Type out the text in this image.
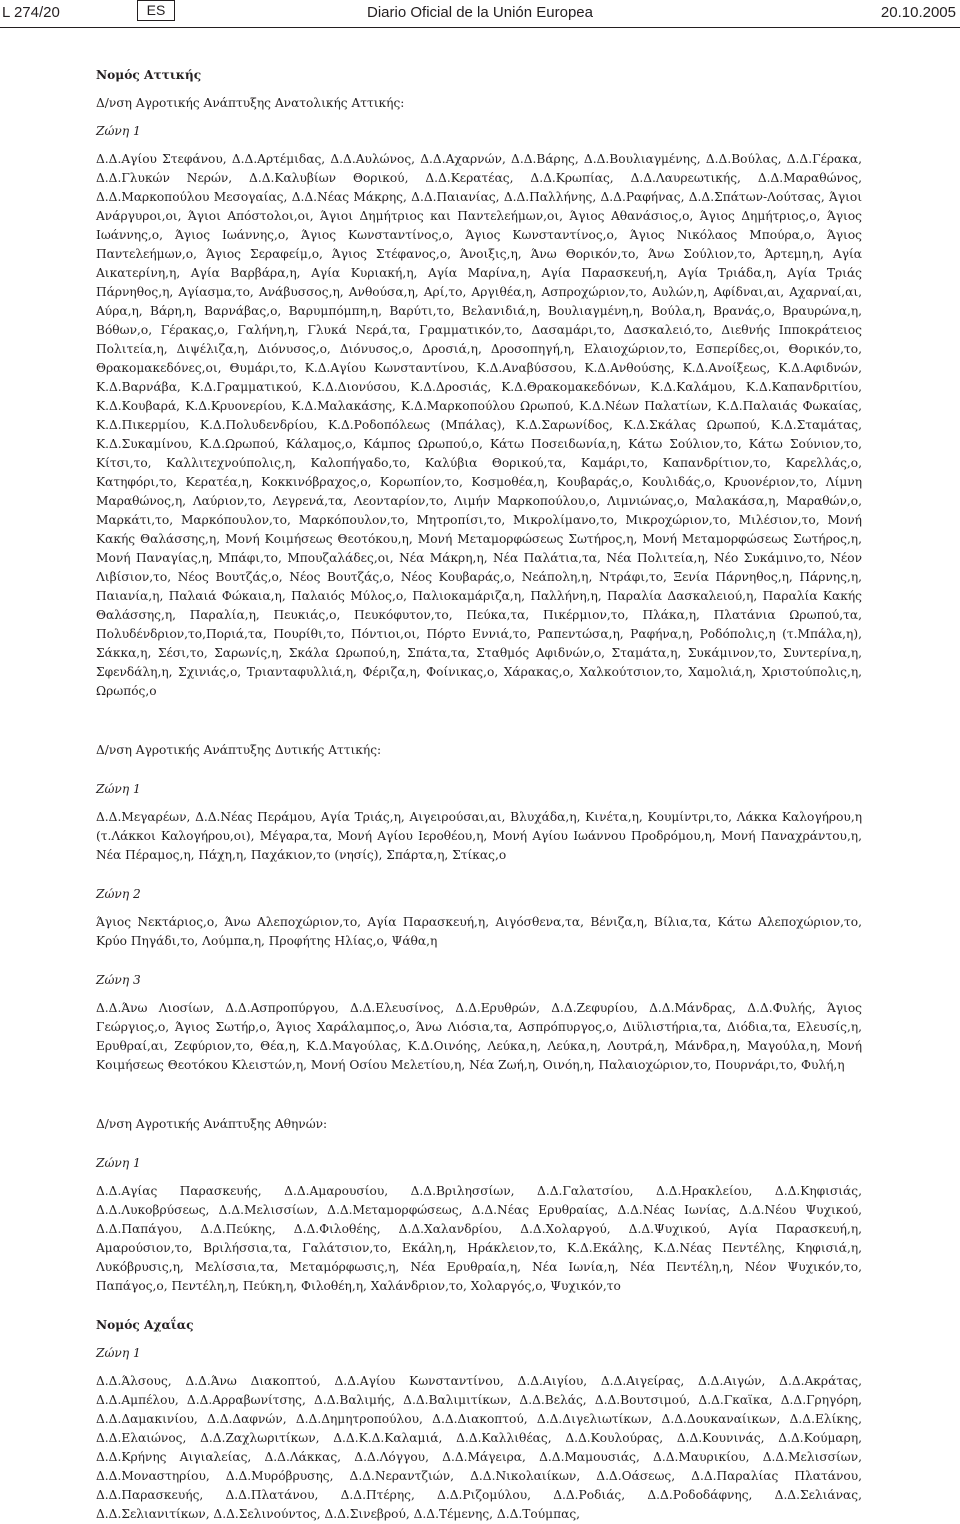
L 274/20	ES	Diario Oficial de la Unión Europea	20.10.2005

Νομός Αττικής

Δ/νση Αγροτικής Ανάπτυξης Ανατολικής Αττικής:

Ζώνη 1

Δ.Δ.Αγίου Στεφάνου, Δ.Δ.Αρτέμιδας, Δ.Δ.Αυλώνος, Δ.Δ.Αχαρνών, Δ.Δ.Βάρης, Δ.Δ.Βουλιαγμένης, Δ.Δ.Βούλας, Δ.Δ.Γέρακα, Δ.Δ.Γλυκών Νερών, Δ.Δ.Καλυβίων Θορικού, Δ.Δ.Κερατέας, Δ.Δ.Κρωπίας, Δ.Δ.Λαυρεωτικής, Δ.Δ.Μαραθώνος, Δ.Δ.Μαρκοπούλου Μεσογαίας, Δ.Δ.Νέας Μάκρης, Δ.Δ.Παιανίας, Δ.Δ.Παλλήνης, Δ.Δ.Ραφήνας, Δ.Δ.Σπάτων-Λούτσας, Άγιοι Ανάργυροι,οι, Άγιοι Απόστολοι,οι, Άγιοι Δημήτριος και Παντελεήμων,οι, Άγιος Αθανάσιος,ο, Άγιος Δημήτριος,ο, Άγιος Ιωάννης,ο, Άγιος Ιωάννης,ο, Άγιος Κωνσταντίνος,ο, Άγιος Κωνσταντίνος,ο, Άγιος Νικόλαος Μπούρα,ο, Άγιος Παντελεήμων,ο, Άγιος Σεραφείμ,ο, Άγιος Στέφανος,ο, Άνοιξις,η, Άνω Θορικόν,το, Άνω Σούλιον,το, Άρτεμη,η, Αγία Αικατερίνη,η, Αγία Βαρβάρα,η, Αγία Κυριακή,η, Αγία Μαρίνα,η, Αγία Παρασκευή,η, Αγία Τριάδα,η, Αγία Τριάς Πάρνηθος,η, Αγίασμα,το, Ανάβυσσος,η, Ανθούσα,η, Αρί,το, Αργιθέα,η, Ασπροχώριον,το, Αυλών,η, Αφίδναι,αι, Αχαρναί,αι, Αύρα,η, Βάρη,η, Βαρνάβας,ο, Βαρυμπόμπη,η, Βαρύτι,το, Βελανιδιά,η, Βουλιαγμένη,η, Βούλα,η, Βρανάς,ο, Βραυρώνα,η, Βόθων,ο, Γέρακας,ο, Γαλήνη,η, Γλυκά Νερά,τα, Γραμματικόν,το, Δασαμάρι,το, Δασκαλειό,το, Διεθνής Ιπποκράτειος Πολιτεία,η, Διψέλιζα,η, Διόνυσος,ο, Διόνυσος,ο, Δροσιά,η, Δροσοπηγή,η, Ελαιοχώριον,το, Εσπερίδες,οι, Θορικόν,το, Θρακομακεδόνες,οι, Θυμάρι,το, Κ.Δ.Αγίου Κωνσταντίνου, Κ.Δ.Αναβύσσου, Κ.Δ.Ανθούσης, Κ.Δ.Ανοίξεως, Κ.Δ.Αφιδνών, Κ.Δ.Βαρνάβα, Κ.Δ.Γραμματικού, Κ.Δ.Διονύσου, Κ.Δ.Δροσιάς, Κ.Δ.Θρακομακεδόνων, Κ.Δ.Καλάμου, Κ.Δ.Καπανδριτίου, Κ.Δ.Κουβαρά, Κ.Δ.Κρυονερίου, Κ.Δ.Μαλακάσης, Κ.Δ.Μαρκοπούλου Ωρωπού, Κ.Δ.Νέων Παλατίων, Κ.Δ.Παλαιάς Φωκαίας, Κ.Δ.Πικερμίου, Κ.Δ.Πολυδενδρίου, Κ.Δ.Ροδοπόλεως (Μπάλας), Κ.Δ.Σαρωνίδος, Κ.Δ.Σκάλας Ωρωπού, Κ.Δ.Σταμάτας, Κ.Δ.Συκαμίνου, Κ.Δ.Ωρωπού, Κάλαμος,ο, Κάμπος Ωρωπού,ο, Κάτω Ποσειδωνία,η, Κάτω Σούλιον,το, Κάτω Σούνιον,το, Κίτσι,το, Καλλιτεχνούπολις,η, Καλοπήγαδο,το, Καλύβια Θορικού,τα, Καμάρι,το, Καπανδρίτιον,το, Καρελλάς,ο, Κατηφόρι,το, Κερατέα,η, Κοκκινόβραχος,ο, Κορωπίον,το, Κοσμοθέα,η, Κουβαράς,ο, Κουλιδάς,ο, Κρυονέριον,το, Λίμνη Μαραθώνος,η, Λαύριον,το, Λεγρενά,τα, Λεονταρίον,το, Λιμήν Μαρκοπούλου,ο, Λιμνιώνας,ο, Μαλακάσα,η, Μαραθών,ο, Μαρκάτι,το, Μαρκόπουλον,το, Μαρκόπουλον,το, Μητροπίσι,το, Μικρολίμανο,το, Μικροχώριον,το, Μιλέσιον,το, Μονή Κακής Θαλάσσης,η, Μονή Κοιμήσεως Θεοτόκου,η, Μονή Μεταμορφώσεως Σωτήρος,η, Μονή Μεταμορφώσεως Σωτήρος,η, Μονή Παναγίας,η, Μπάφι,το, Μπουζαλάδες,οι, Νέα Μάκρη,η, Νέα Παλάτια,τα, Νέα Πολιτεία,η, Νέο Συκάμινο,το, Νέον Λιβίσιον,το, Νέος Βουτζάς,ο, Νέος Βουτζάς,ο, Νέος Κουβαράς,ο, Νεάπολη,η, Ντράφι,το, Ξενία Πάρνηθος,η, Πάρνης,η, Παιανία,η, Παλαιά Φώκαια,η, Παλαιός Μύλος,ο, Παλιοκαμάριζα,η, Παλλήνη,η, Παραλία Δασκαλειού,η, Παραλία Κακής Θαλάσσης,η, Παραλία,η, Πευκιάς,ο, Πευκόφυτον,το, Πεύκα,τα, Πικέρμιον,το, Πλάκα,η, Πλατάνια Ωρωπού,τα, Πολυδένδριον,το,Ποριά,τα, Πουρίθι,το, Πόντιοι,οι, Πόρτο Εννιά,το, Ραπεντώσα,η, Ραφήνα,η, Ροδόπολις,η (τ.Μπάλα,η), Σάκκα,η, Σέσι,το, Σαρωνίς,η, Σκάλα Ωρωπού,η, Σπάτα,τα, Σταθμός Αφιδνών,ο, Σταμάτα,η, Συκάμινον,το, Συντερίνα,η, Σφενδάλη,η, Σχινιάς,ο, Τριανταφυλλιά,η, Φέριζα,η, Φοίνικας,ο, Χάρακας,ο, Χαλκούτσιον,το, Χαμολιά,η, Χριστούπολις,η, Ωρωπός,ο

Δ/νση Αγροτικής Ανάπτυξης Δυτικής Αττικής:

Ζώνη 1

Δ.Δ.Μεγαρέων, Δ.Δ.Νέας Περάμου, Αγία Τριάς,η, Αιγειρούσαι,αι, Βλυχάδα,η, Κινέτα,η, Κουμίντρι,το, Λάκκα Καλογήρου,η (τ.Λάκκοι Καλογήρου,οι), Μέγαρα,τα, Μονή Αγίου Ιεροθέου,η, Μονή Αγίου Ιωάννου Προδρόμου,η, Μονή Παναχράντου,η, Νέα Πέραμος,η, Πάχη,η, Παχάκιον,το (νησίς), Σπάρτα,η, Στίκας,ο

Ζώνη 2

Άγιος Νεκτάριος,ο, Άνω Αλεποχώριον,το, Αγία Παρασκευή,η, Αιγόσθενα,τα, Βένιζα,η, Βίλια,τα, Κάτω Αλεποχώριον,το, Κρύο Πηγάδι,το, Λούμπα,η, Προφήτης Ηλίας,ο, Ψάθα,η

Ζώνη 3

Δ.Δ.Άνω Λιοσίων, Δ.Δ.Ασπροπύργου, Δ.Δ.Ελευσίνος, Δ.Δ.Ερυθρών, Δ.Δ.Ζεφυρίου, Δ.Δ.Μάνδρας, Δ.Δ.Φυλής, Άγιος Γεώργιος,ο, Άγιος Σωτήρ,ο, Άγιος Χαράλαμπος,ο, Άνω Λιόσια,τα, Ασπρόπυργος,ο, Διϋλιστήρια,τα, Διόδια,τα, Ελευσίς,η, Ερυθραί,αι, Ζεφύριον,το, Θέα,η, Κ.Δ.Μαγούλας, Κ.Δ.Οινόης, Λεύκα,η, Λεύκα,η, Λουτρά,η, Μάνδρα,η, Μαγούλα,η, Μονή Κοιμήσεως Θεοτόκου Κλειστών,η, Μονή Οσίου Μελετίου,η, Νέα Ζωή,η, Οινόη,η, Παλαιοχώριον,το, Πουρνάρι,το, Φυλή,η

Δ/νση Αγροτικής Ανάπτυξης Αθηνών:

Ζώνη 1

Δ.Δ.Αγίας Παρασκευής, Δ.Δ.Αμαρουσίου, Δ.Δ.Βριλησσίων, Δ.Δ.Γαλατσίου, Δ.Δ.Ηρακλείου, Δ.Δ.Κηφισιάς, Δ.Δ.Λυκοβρύσεως, Δ.Δ.Μελισσίων, Δ.Δ.Μεταμορφώσεως, Δ.Δ.Νέας Ερυθραίας, Δ.Δ.Νέας Ιωνίας, Δ.Δ.Νέου Ψυχικού, Δ.Δ.Παπάγου, Δ.Δ.Πεύκης, Δ.Δ.Φιλοθέης, Δ.Δ.Χαλανδρίου, Δ.Δ.Χολαργού, Δ.Δ.Ψυχικού, Αγία Παρασκευή,η, Αμαρούσιον,το, Βριλήσσια,τα, Γαλάτσιον,το, Εκάλη,η, Ηράκλειον,το, Κ.Δ.Εκάλης, Κ.Δ.Νέας Πεντέλης, Κηφισιά,η, Λυκόβρυσις,η, Μελίσσια,τα, Μεταμόρφωσις,η, Νέα Ερυθραία,η, Νέα Ιωνία,η, Νέα Πεντέλη,η, Νέον Ψυχικόν,το, Παπάγος,ο, Πεντέλη,η, Πεύκη,η, Φιλοθέη,η, Χαλάνδριον,το, Χολαργός,ο, Ψυχικόν,το

Νομός Αχαΐας

Ζώνη 1

Δ.Δ.Άλσους, Δ.Δ.Άνω Διακοπτού, Δ.Δ.Αγίου Κωνσταντίνου, Δ.Δ.Αιγίου, Δ.Δ.Αιγείρας, Δ.Δ.Αιγών, Δ.Δ.Ακράτας, Δ.Δ.Αμπέλου, Δ.Δ.Αρραβωνίτσης, Δ.Δ.Βαλιμής, Δ.Δ.Βαλιμιτίκων, Δ.Δ.Βελάς, Δ.Δ.Βουτσιμού, Δ.Δ.Γκαϊκα, Δ.Δ.Γρηγόρη, Δ.Δ.Δαμακινίου, Δ.Δ.Δαφνών, Δ.Δ.Δημητροπούλου, Δ.Δ.Διακοπτού, Δ.Δ.Διγελιωτίκων, Δ.Δ.Δουκαναίικων, Δ.Δ.Ελίκης, Δ.Δ.Ελαιώνος, Δ.Δ.Ζαχλωριτίκων, Δ.Δ.Κ.Δ.Καλαμιά, Δ.Δ.Καλλιθέας, Δ.Δ.Κουλούρας, Δ.Δ.Κουνινάς, Δ.Δ.Κούμαρη, Δ.Δ.Κρήνης Αιγιαλείας, Δ.Δ.Λάκκας, Δ.Δ.Λόγγου, Δ.Δ.Μάγειρα, Δ.Δ.Μαμουσιάς, Δ.Δ.Μαυρικίου, Δ.Δ.Μελισσίων, Δ.Δ.Μοναστηρίου, Δ.Δ.Μυρόβρυσης, Δ.Δ.Νεραντζιών, Δ.Δ.Νικολαιίκων, Δ.Δ.Οάσεως, Δ.Δ.Παραλίας Πλατάνου, Δ.Δ.Παρασκευής, Δ.Δ.Πλατάνου, Δ.Δ.Πτέρης, Δ.Δ.Ριζομύλου, Δ.Δ.Ροδιάς, Δ.Δ.Ροδοδάφνης, Δ.Δ.Σελιάνας, Δ.Δ.Σελιανιτίκων, Δ.Δ.Σελινούντος, Δ.Δ.Σινεβρού, Δ.Δ.Τέμενης, Δ.Δ.Τούμπας,
